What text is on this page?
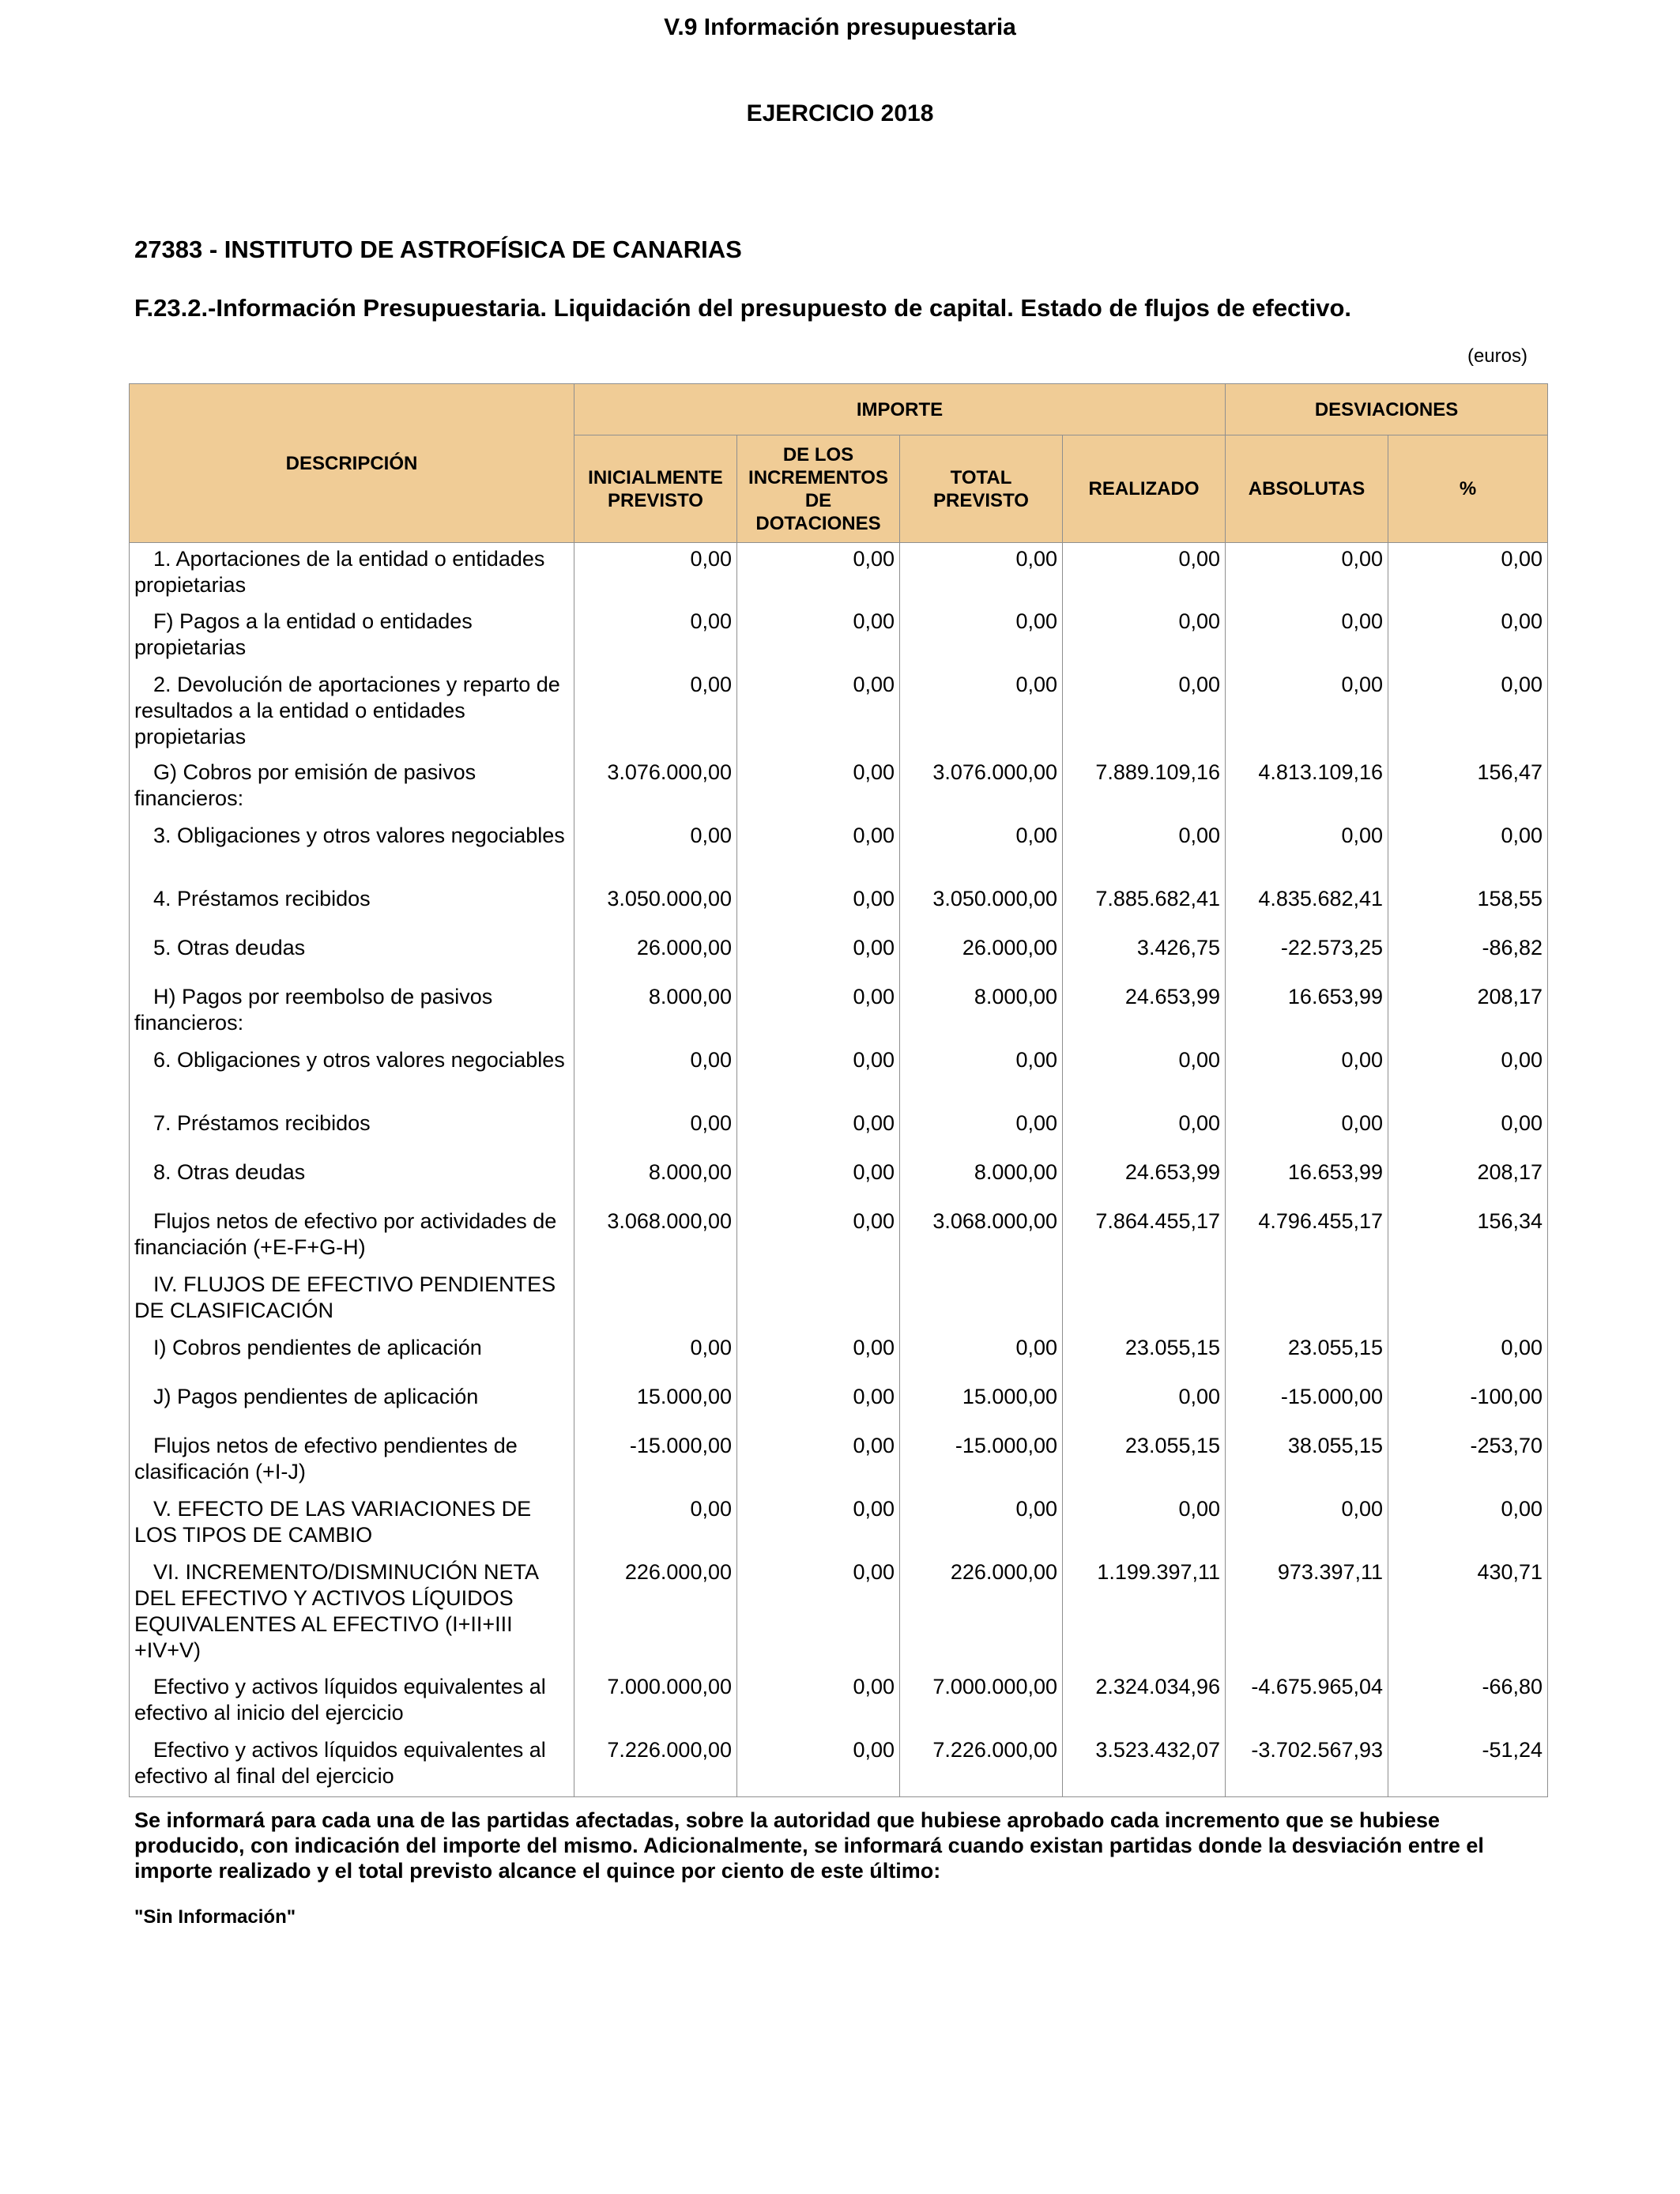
V.9 Información presupuestaria
EJERCICIO 2018
27383 - INSTITUTO DE ASTROFÍSICA DE CANARIAS
F.23.2.-Información Presupuestaria. Liquidación del presupuesto de capital. Estado de flujos de efectivo.
(euros)
DESCRIPCIÓN	IMPORTE				DESVIACIONES	
	INICIALMENTE PREVISTO	DE LOS INCREMENTOS DE DOTACIONES	TOTAL PREVISTO	REALIZADO	ABSOLUTAS	%
1. Aportaciones de la entidad o entidades propietarias	0,00	0,00	0,00	0,00	0,00	0,00
F) Pagos a la entidad o entidades propietarias	0,00	0,00	0,00	0,00	0,00	0,00
2. Devolución de aportaciones y reparto de resultados a la entidad o entidades propietarias	0,00	0,00	0,00	0,00	0,00	0,00
G) Cobros por emisión de pasivos financieros:	3.076.000,00	0,00	3.076.000,00	7.889.109,16	4.813.109,16	156,47
3. Obligaciones y otros valores negociables	0,00	0,00	0,00	0,00	0,00	0,00
4. Préstamos recibidos	3.050.000,00	0,00	3.050.000,00	7.885.682,41	4.835.682,41	158,55
5. Otras deudas	26.000,00	0,00	26.000,00	3.426,75	-22.573,25	-86,82
H) Pagos por reembolso de pasivos financieros:	8.000,00	0,00	8.000,00	24.653,99	16.653,99	208,17
6. Obligaciones y otros valores negociables	0,00	0,00	0,00	0,00	0,00	0,00
7. Préstamos recibidos	0,00	0,00	0,00	0,00	0,00	0,00
8. Otras deudas	8.000,00	0,00	8.000,00	24.653,99	16.653,99	208,17
Flujos netos de efectivo por actividades de financiación (+E-F+G-H)	3.068.000,00	0,00	3.068.000,00	7.864.455,17	4.796.455,17	156,34
IV. FLUJOS DE EFECTIVO PENDIENTES DE CLASIFICACIÓN						
I) Cobros pendientes de aplicación	0,00	0,00	0,00	23.055,15	23.055,15	0,00
J) Pagos pendientes de aplicación	15.000,00	0,00	15.000,00	0,00	-15.000,00	-100,00
Flujos netos de efectivo pendientes de clasificación (+I-J)	-15.000,00	0,00	-15.000,00	23.055,15	38.055,15	-253,70
V. EFECTO DE LAS VARIACIONES DE LOS TIPOS DE CAMBIO	0,00	0,00	0,00	0,00	0,00	0,00
VI. INCREMENTO/DISMINUCIÓN NETA DEL EFECTIVO Y ACTIVOS LÍQUIDOS EQUIVALENTES AL EFECTIVO (I+II+III +IV+V)	226.000,00	0,00	226.000,00	1.199.397,11	973.397,11	430,71
Efectivo y activos líquidos equivalentes al efectivo al inicio del ejercicio	7.000.000,00	0,00	7.000.000,00	2.324.034,96	-4.675.965,04	-66,80
Efectivo y activos líquidos equivalentes al efectivo al final del ejercicio	7.226.000,00	0,00	7.226.000,00	3.523.432,07	-3.702.567,93	-51,24
Se informará para cada una de las partidas afectadas, sobre la autoridad que hubiese aprobado cada incremento que se hubiese producido, con indicación del importe del mismo. Adicionalmente, se informará cuando existan partidas donde la desviación entre el importe realizado y el total previsto alcance el quince por ciento de este último:
"Sin Información"
